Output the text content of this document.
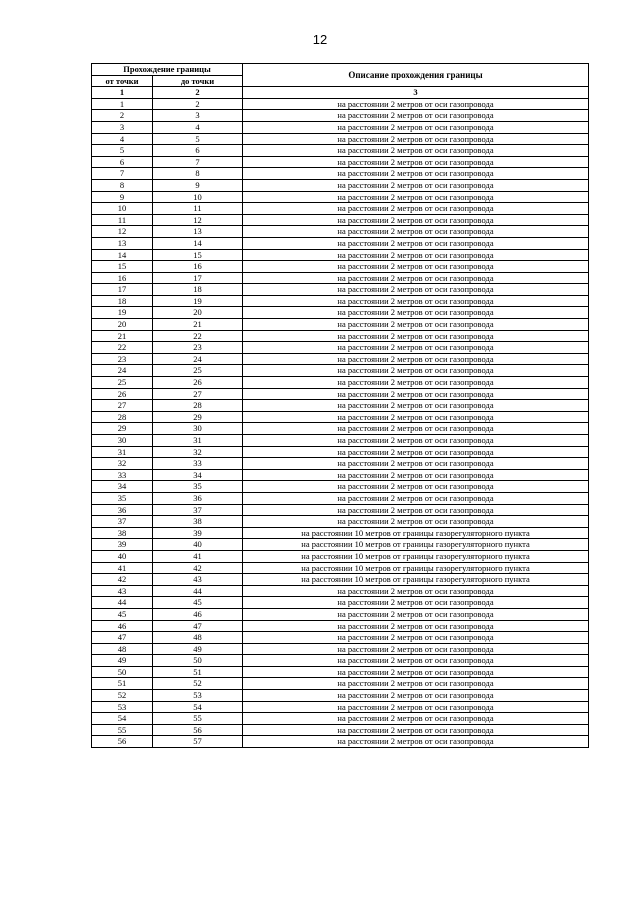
12
Прохождение границы		Описание прохождения границы
от точки	до точки	
1	2	3
1	2	на расстоянии 2 метров от оси газопровода
2	3	на расстоянии 2 метров от оси газопровода
3	4	на расстоянии 2 метров от оси газопровода
4	5	на расстоянии 2 метров от оси газопровода
5	6	на расстоянии 2 метров от оси газопровода
6	7	на расстоянии 2 метров от оси газопровода
7	8	на расстоянии 2 метров от оси газопровода
8	9	на расстоянии 2 метров от оси газопровода
9	10	на расстоянии 2 метров от оси газопровода
10	11	на расстоянии 2 метров от оси газопровода
11	12	на расстоянии 2 метров от оси газопровода
12	13	на расстоянии 2 метров от оси газопровода
13	14	на расстоянии 2 метров от оси газопровода
14	15	на расстоянии 2 метров от оси газопровода
15	16	на расстоянии 2 метров от оси газопровода
16	17	на расстоянии 2 метров от оси газопровода
17	18	на расстоянии 2 метров от оси газопровода
18	19	на расстоянии 2 метров от оси газопровода
19	20	на расстоянии 2 метров от оси газопровода
20	21	на расстоянии 2 метров от оси газопровода
21	22	на расстоянии 2 метров от оси газопровода
22	23	на расстоянии 2 метров от оси газопровода
23	24	на расстоянии 2 метров от оси газопровода
24	25	на расстоянии 2 метров от оси газопровода
25	26	на расстоянии 2 метров от оси газопровода
26	27	на расстоянии 2 метров от оси газопровода
27	28	на расстоянии 2 метров от оси газопровода
28	29	на расстоянии 2 метров от оси газопровода
29	30	на расстоянии 2 метров от оси газопровода
30	31	на расстоянии 2 метров от оси газопровода
31	32	на расстоянии 2 метров от оси газопровода
32	33	на расстоянии 2 метров от оси газопровода
33	34	на расстоянии 2 метров от оси газопровода
34	35	на расстоянии 2 метров от оси газопровода
35	36	на расстоянии 2 метров от оси газопровода
36	37	на расстоянии 2 метров от оси газопровода
37	38	на расстоянии 2 метров от оси газопровода
38	39	на расстоянии 10 метров от границы газорегуляторного пункта
39	40	на расстоянии 10 метров от границы газорегуляторного пункта
40	41	на расстоянии 10 метров от границы газорегуляторного пункта
41	42	на расстоянии 10 метров от границы газорегуляторного пункта
42	43	на расстоянии 10 метров от границы газорегуляторного пункта
43	44	на расстоянии 2 метров от оси газопровода
44	45	на расстоянии 2 метров от оси газопровода
45	46	на расстоянии 2 метров от оси газопровода
46	47	на расстоянии 2 метров от оси газопровода
47	48	на расстоянии 2 метров от оси газопровода
48	49	на расстоянии 2 метров от оси газопровода
49	50	на расстоянии 2 метров от оси газопровода
50	51	на расстоянии 2 метров от оси газопровода
51	52	на расстоянии 2 метров от оси газопровода
52	53	на расстоянии 2 метров от оси газопровода
53	54	на расстоянии 2 метров от оси газопровода
54	55	на расстоянии 2 метров от оси газопровода
55	56	на расстоянии 2 метров от оси газопровода
56	57	на расстоянии 2 метров от оси газопровода
